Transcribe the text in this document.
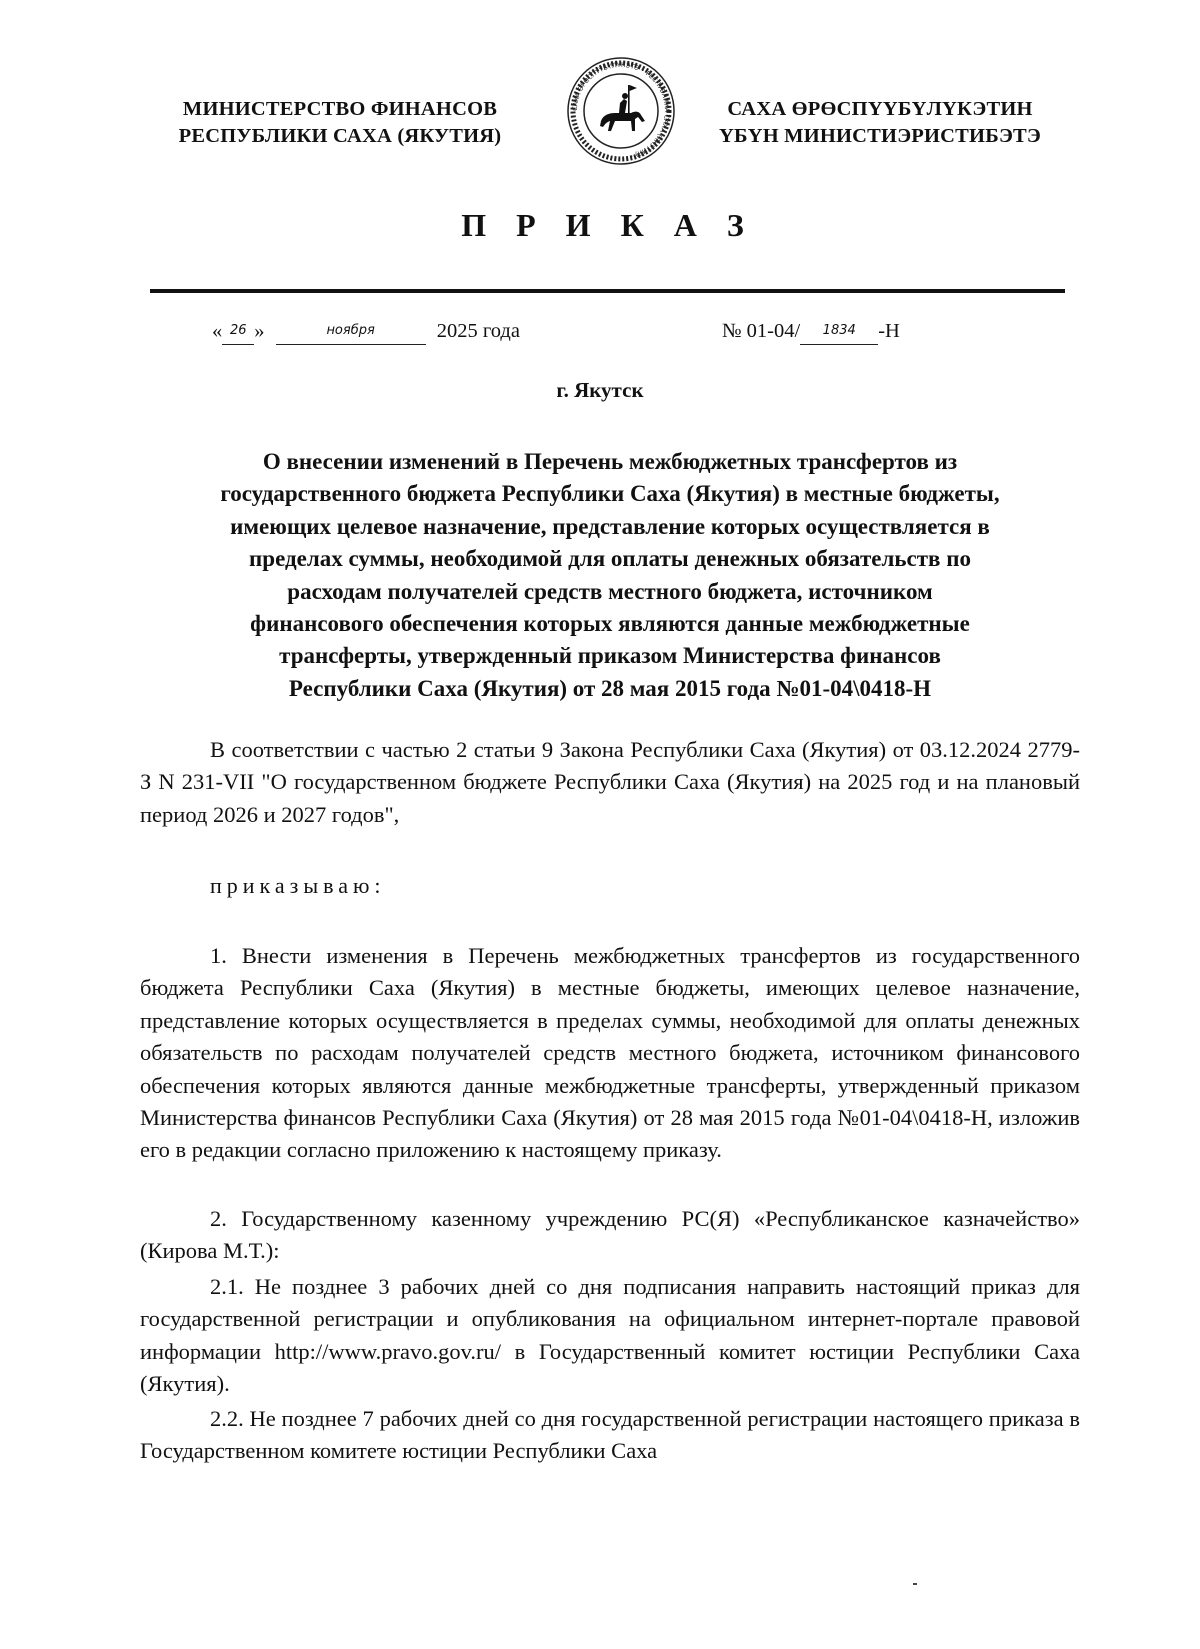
МИНИСТЕРСТВО ФИНАНСОВ
РЕСПУБЛИКИ САХА (ЯКУТИЯ)
САХА ӨРӨСПҮҮБҮЛҮКЭТЭ • РЕСПУБЛИКА САХА (ЯКУТИЯ) •
САХА ӨРӨСПҮҮБҮЛҮКЭТИН
ҮБҮН МИНИСТИЭРИСТИБЭТЭ
П Р И К А З
« 26 »	ноября	2025 года	№ 01-04/ 1834 -Н
г. Якутск
О внесении изменений в Перечень межбюджетных трансфертов из
государственного бюджета Республики Саха (Якутия) в местные бюджеты,
имеющих целевое назначение, представление которых осуществляется в
пределах суммы, необходимой для оплаты денежных обязательств по
расходам получателей средств местного бюджета, источником
финансового обеспечения которых являются данные межбюджетные
трансферты, утвержденный приказом Министерства финансов
Республики Саха (Якутия) от 28 мая 2015 года №01-04\0418-Н
В соответствии с частью 2 статьи 9 Закона Республики Саха (Якутия) от 03.12.2024 2779-З N 231-VII "О государственном бюджете Республики Саха (Якутия) на 2025 год и на плановый период 2026 и 2027 годов",
приказываю:
1. Внести изменения в Перечень межбюджетных трансфертов из государственного бюджета Республики Саха (Якутия) в местные бюджеты, имеющих целевое назначение, представление которых осуществляется в пределах суммы, необходимой для оплаты денежных обязательств по расходам получателей средств местного бюджета, источником финансового обеспечения которых являются данные межбюджетные трансферты, утвержденный приказом Министерства финансов Республики Саха (Якутия) от 28 мая 2015 года №01-04\0418-Н, изложив его в редакции согласно приложению к настоящему приказу.
2. Государственному казенному учреждению РС(Я) «Республиканское казначейство» (Кирова М.Т.):
2.1. Не позднее 3 рабочих дней со дня подписания направить настоящий приказ для государственной регистрации и опубликования на официальном интернет-портале правовой информации http://www.pravo.gov.ru/ в Государственный комитет юстиции Республики Саха (Якутия).
2.2. Не позднее 7 рабочих дней со дня государственной регистрации настоящего приказа в Государственном комитете юстиции Республики Саха
